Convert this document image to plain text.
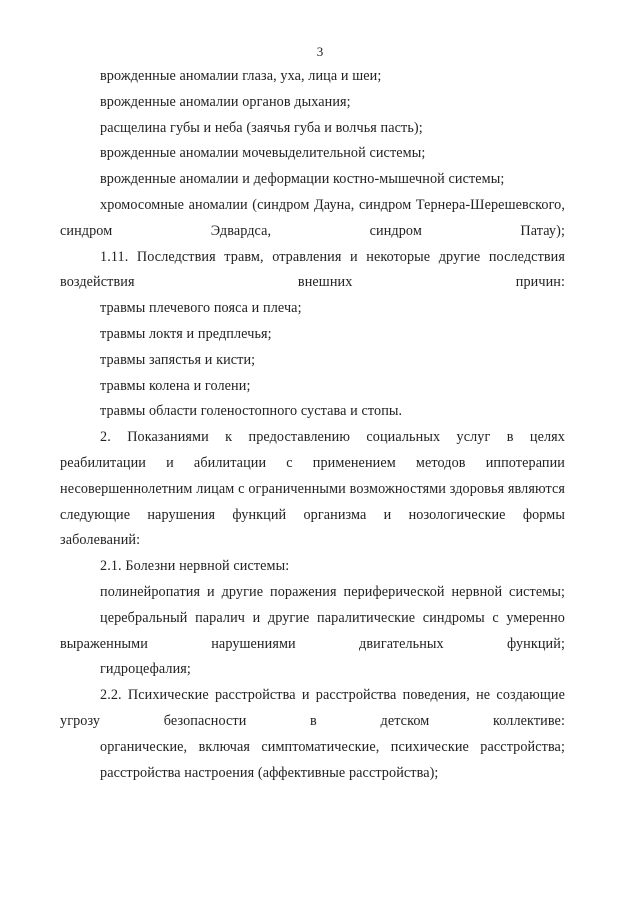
3

врожденные аномалии глаза, уха, лица и шеи;

врожденные аномалии органов дыхания;

расщелина губы и неба (заячья губа и волчья пасть);

врожденные аномалии мочевыделительной системы;

врожденные аномалии и деформации костно-мышечной системы;

хромосомные аномалии (синдром Дауна, синдром Тернера-Шерешевского, синдром Эдвардса, синдром Патау);

1.11. Последствия травм, отравления и некоторые другие последствия воздействия внешних причин:

травмы плечевого пояса и плеча;

травмы локтя и предплечья;

травмы запястья и кисти;

травмы колена и голени;

травмы области голеностопного сустава и стопы.

2. Показаниями к предоставлению социальных услуг в целях реабилитации и абилитации с применением методов иппотерапии несовершеннолетним лицам с ограниченными возможностями здоровья являются следующие нарушения функций организма и нозологические формы заболеваний:

2.1. Болезни нервной системы:

полинейропатия и другие поражения периферической нервной системы;

церебральный паралич и другие паралитические синдромы с умеренно выраженными нарушениями двигательных функций;

гидроцефалия;

2.2. Психические расстройства и расстройства поведения, не создающие угрозу безопасности в детском коллективе:

органические, включая симптоматические, психические расстройства;

расстройства настроения (аффективные расстройства);
